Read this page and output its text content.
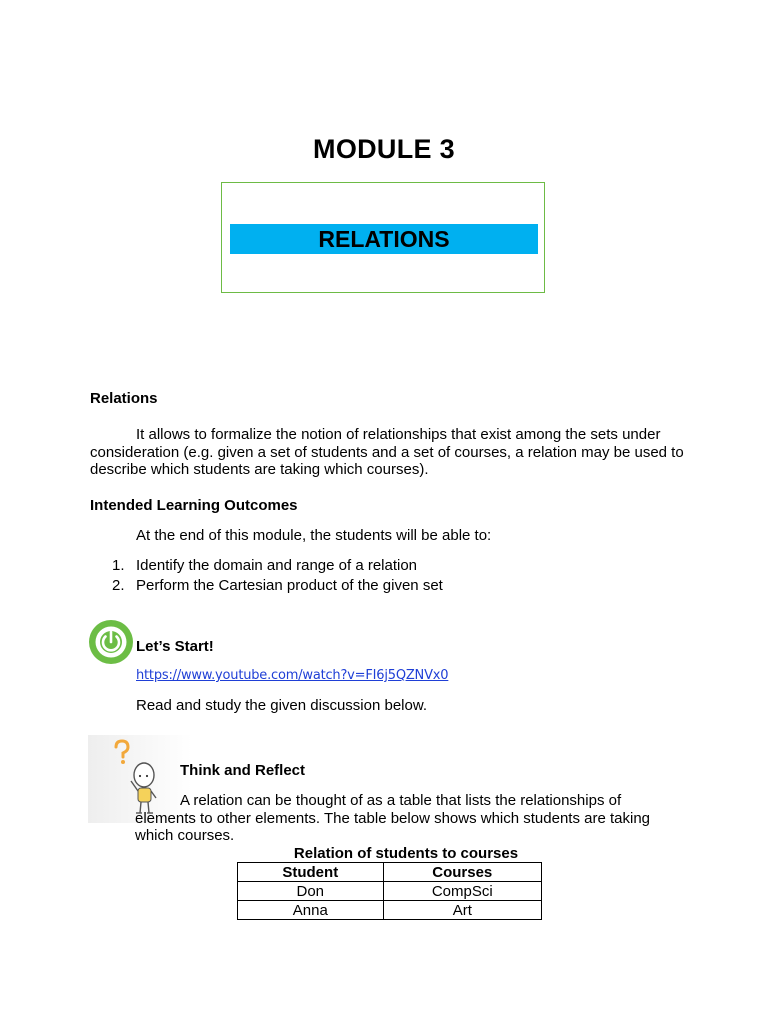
MODULE 3
RELATIONS
Relations
It allows to formalize the notion of relationships that exist among the sets under consideration (e.g. given a set of students and a set of courses, a relation may be used to describe which students are taking which courses).
Intended Learning Outcomes
At the end of this module, the students will be able to:
1. Identify the domain and range of a relation
2. Perform the Cartesian product of the given set
Let’s Start!
https://www.youtube.com/watch?v=FI6j5QZNVx0
Read and study the given discussion below.
Think and Reflect
A relation can be thought of as a table that lists the relationships of
elements to other elements. The table below shows which students are taking
which courses.
Relation of students to courses
Student	Courses
Don	CompSci
Anna	Art
